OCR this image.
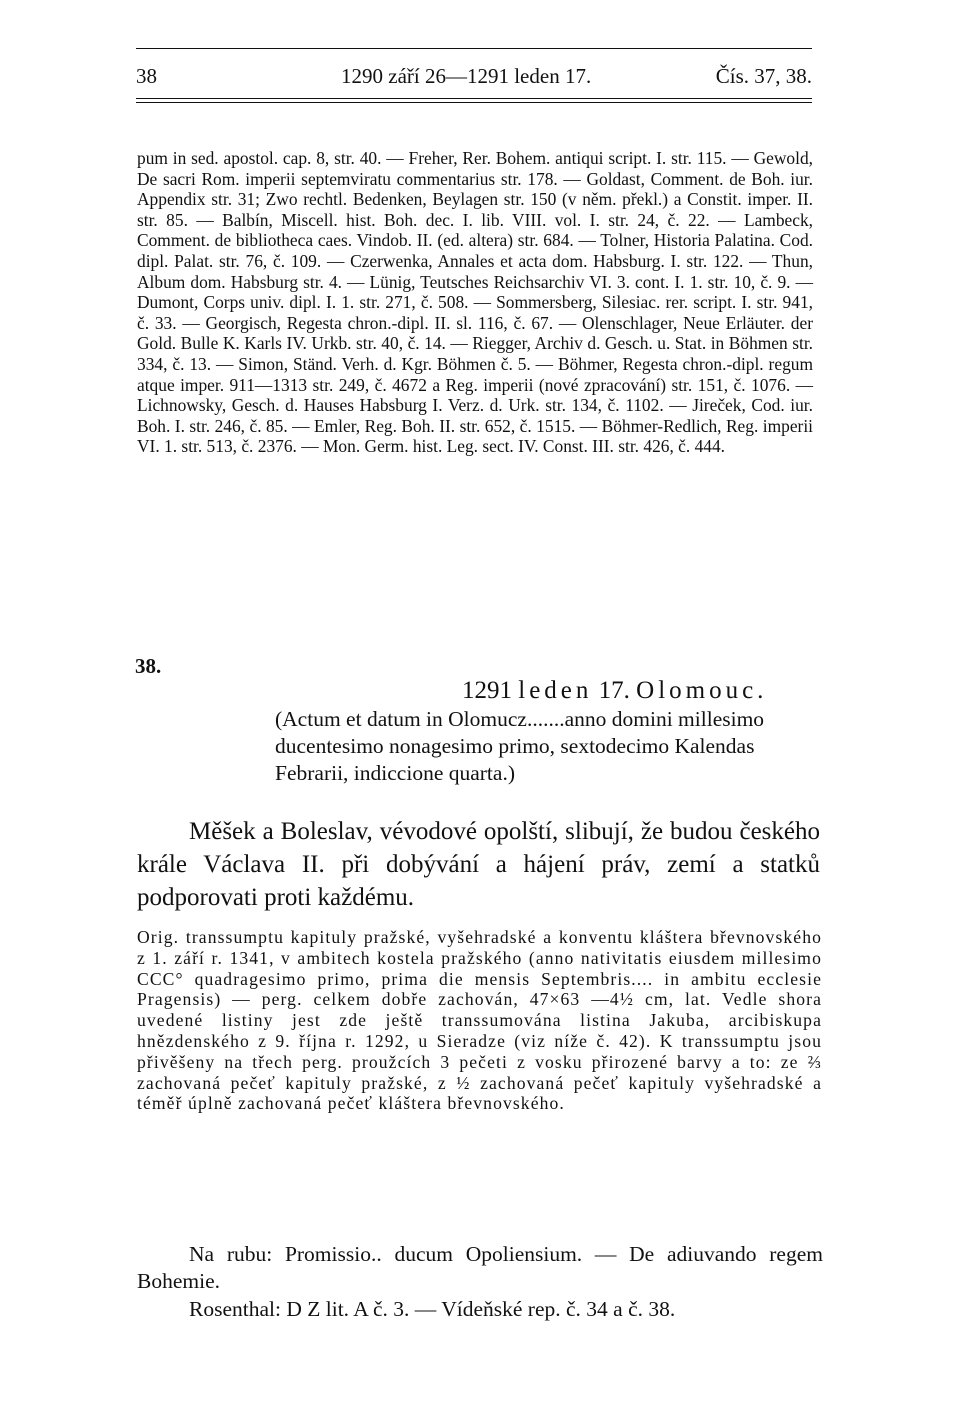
38	1290 září 26—1291 leden 17.	Čís. 37, 38.

pum in sed. apostol. cap. 8, str. 40. — Freher, Rer. Bohem. antiqui script. I. str. 115. — Gewold, De sacri Rom. imperii septemviratu commentarius str. 178. — Goldast, Comment. de Boh. iur. Appendix str. 31; Zwo rechtl. Bedenken, Beylagen str. 150 (v něm. překl.) a Constit. imper. II. str. 85. — Balbín, Miscell. hist. Boh. dec. I. lib. VIII. vol. I. str. 24, č. 22. — Lambeck, Comment. de bibliotheca caes. Vindob. II. (ed. altera) str. 684. — Tolner, Historia Palatina. Cod. dipl. Palat. str. 76, č. 109. — Czerwenka, Annales et acta dom. Habsburg. I. str. 122. — Thun, Album dom. Habsburg str. 4. — Lünig, Teutsches Reichsarchiv VI. 3. cont. I. 1. str. 10, č. 9. — Dumont, Corps univ. dipl. I. 1. str. 271, č. 508. — Sommersberg, Silesiac. rer. script. I. str. 941, č. 33. — Georgisch, Regesta chron.-dipl. II. sl. 116, č. 67. — Olenschlager, Neue Erläuter. der Gold. Bulle K. Karls IV. Urkb. str. 40, č. 14. — Riegger, Archiv d. Gesch. u. Stat. in Böhmen str. 334, č. 13. — Simon, Ständ. Verh. d. Kgr. Böhmen č. 5. — Böhmer, Regesta chron.-dipl. regum atque imper. 911—1313 str. 249, č. 4672 a Reg. imperii (nové zpracování) str. 151, č. 1076. — Lichnowsky, Gesch. d. Hauses Habsburg I. Verz. d. Urk. str. 134, č. 1102. — Jireček, Cod. iur. Boh. I. str. 246, č. 85. — Emler, Reg. Boh. II. str. 652, č. 1515. — Böhmer-Redlich, Reg. imperii VI. 1. str. 513, č. 2376. — Mon. Germ. hist. Leg. sect. IV. Const. III. str. 426, č. 444.

38.

1291 leden 17. Olomouc.

(Actum et datum in Olomucz.......anno domini millesimo ducentesimo nonagesimo primo, sextodecimo Kalendas Febrarii, indiccione quarta.)

Měšek a Boleslav, vévodové opolští, slibují, že budou českého krále Václava II. při dobývání a hájení práv, zemí a statků podporovati proti každému.

Orig. transsumptu kapituly pražské, vyšehradské a konventu kláštera břevnovského z 1. září r. 1341, v ambitech kostela pražského (anno nativitatis eiusdem millesimo CCC° quadragesimo primo, prima die mensis Septembris.... in ambitu ecclesie Pragensis) — perg. celkem dobře zachován, 47×63 —4½ cm, lat. Vedle shora uvedené listiny jest zde ještě transsumována listina Jakuba, arcibiskupa hnězdenského z 9. října r. 1292, u Sieradze (viz níže č. 42). K transsumptu jsou přivěšeny na třech perg. proužcích 3 pečeti z vosku přirozené barvy a to: ze ⅔ zachovaná pečeť kapituly pražské, z ½ zachovaná pečeť kapituly vyšehradské a téměř úplně zachovaná pečeť kláštera břevnovského.

Na rubu: Promissio.. ducum Opoliensium. — De adiuvando regem Bohemie.

Rosenthal: D Z lit. A č. 3. — Vídeňské rep. č. 34 a č. 38.
